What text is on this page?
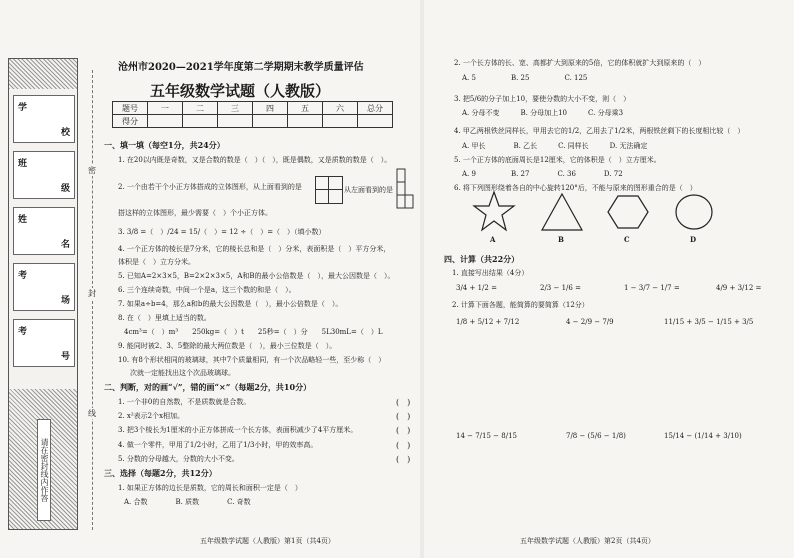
学
校
班
级
姓
名
考
场
考
号
请在密封线内作答
密
封
线
沧州市2020—2021学年度第二学期期末教学质量评估
五年级数学试题（人教版）
题号	一	二	三	四	五	六	总分
得分							
一、填一填（每空1分，共24分）
1. 在20以内既是奇数，又是合数的数是（　）（　），既是偶数，又是质数的数是（　）。
2. 一个由若干个小正方体搭成的立体图形，从上面看到的是	从左面看到的是
搭这样的立体图形，最少需要（　）个小正方体。
3. 3/8 =（　）/24 = 15/（　）= 12 ÷（　）=（　）（填小数）
4. 一个正方体的棱长是7分米，它的棱长总和是（　）分米，表面积是（　）平方分米，
体积是（　）立方分米。
5. 已知A=2×3×5，B=2×2×3×5，A和B的最小公倍数是（　），最大公因数是（　）。
6. 三个连续奇数，中间一个是a，这三个数的和是（　）。
7. 如果a÷b=4，那么a和b的最大公因数是（　），最小公倍数是（　）。
8. 在（　）里填上适当的数。
4cm³=（　）m³　　250kg=（　）t　　25秒=（　）分　　5L30mL=（　）L
9. 能同时被2、3、5整除的最大两位数是（　），最小三位数是（　）。
10. 有8个形状相同的玻璃球，其中7个质量相同，有一个次品略轻一些，至少称（　）
次就一定能找出这个次品玻璃球。
二、判断，对的画“√”，错的画“×”（每题2分，共10分）
1. 一个非0的自然数，不是质数就是合数。
2. x²表示2个x相加。
3. 把3个棱长为1厘米的小正方体拼成一个长方体，表面积减少了4平方厘米。
4. 做一个零件，甲用了1/2小时，乙用了1/3小时，甲的效率高。
5. 分数的分母越大，分数的大小不变。
(　)
(　)
(　)
(　)
(　)
三、选择（每题2分，共12分）
1. 如果正方体的边长是质数，它的周长和面积一定是（　）
A. 合数　　　　B. 质数　　　　C. 奇数
五年级数学试题（人教版）第1页（共4页）
2. 一个长方体的长、宽、高都扩大到原来的5倍，它的体积就扩大到原来的（　）
A. 5　　　　　B. 25　　　　　C. 125
3. 把5/6的分子加上10，要使分数的大小不变，则（　）
A. 分母不变　　　B. 分母加上10　　　C. 分母乘3
4. 甲乙两根铁丝同样长，甲用去它的1/2，乙用去了1/2米，两根铁丝剩下的长度相比较（　）
A. 甲长　　　　B. 乙长　　　C. 同样长　　　D. 无法确定
5. 一个正方体的底面周长是12厘米，它的体积是（　）立方厘米。
A. 9　　　　　B. 27　　　　C. 36　　　　D. 72
6. 将下列图形绕着各自的中心旋转120°后，不能与原来的图形重合的是（　）
A	B	C	D
四、计算（共22分）
1. 直接写出结果（4分）
3/4 + 1/2 =	2/3 − 1/6 =	1 − 3/7 − 1/7 =	4/9 + 3/12 =
2. 计算下面各题，能简算的要简算（12分）
1/8 + 5/12 + 7/12	4 − 2/9 − 7/9	11/15 + 3/5 − 1/15 + 3/5
14 − 7/15 − 8/15	7/8 − (5/6 − 1/8)	15/14 − (1/14 + 3/10)
五年级数学试题（人教版）第2页（共4页）
